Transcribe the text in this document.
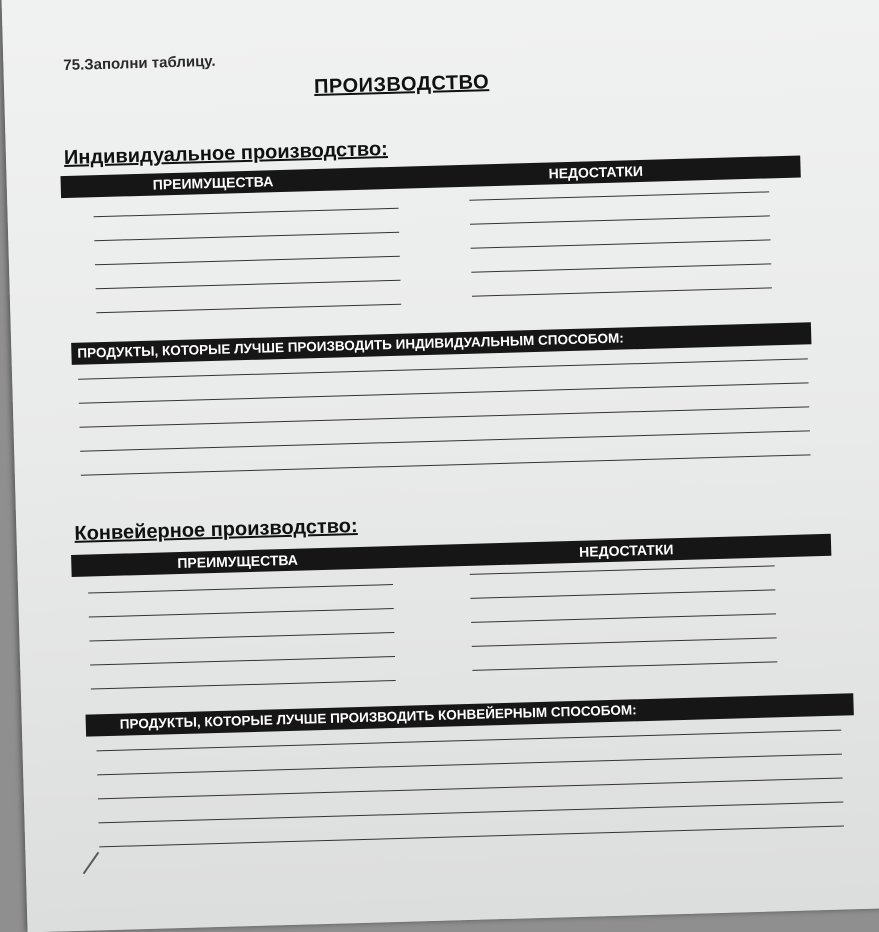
75.Заполни таблицу.
ПРОИЗВОДСТВО
Индивидуальное производство:
ПРЕИМУЩЕСТВА
НЕДОСТАТКИ
ПРОДУКТЫ, КОТОРЫЕ ЛУЧШЕ ПРОИЗВОДИТЬ ИНДИВИДУАЛЬНЫМ СПОСОБОМ:
Конвейерное производство:
ПРЕИМУЩЕСТВА
НЕДОСТАТКИ
ПРОДУКТЫ, КОТОРЫЕ ЛУЧШЕ ПРОИЗВОДИТЬ КОНВЕЙЕРНЫМ СПОСОБОМ:
